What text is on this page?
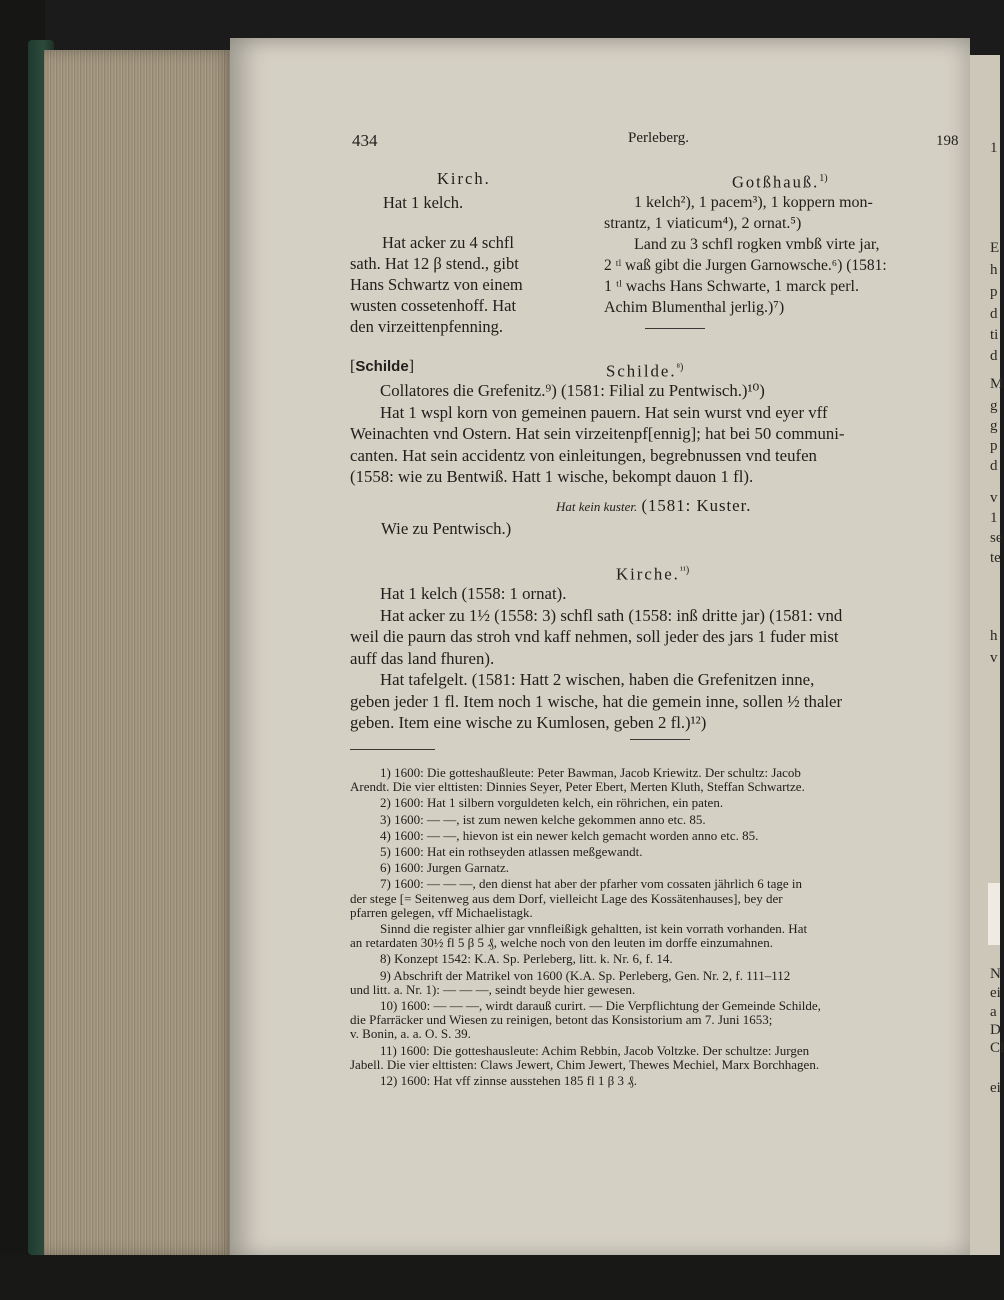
434	Perleberg.	198
Kirch.
Hat 1 kelch.
Hat acker zu 4 schfl
sath. Hat 12 β stend., gibt
Hans Schwartz von einem
wusten cossetenhoff. Hat
den virzeittenpfenning.
Gotßhauß.$^{1)}$
1 kelch²), 1 pacem³), 1 koppern mon-
strantz, 1 viaticum⁴), 2 ornat.⁵)
Land zu 3 schfl rogken vmbß virte jar,
2 ᵗˡ waß gibt die Jurgen Garnowsche.⁶) (1581:
1 ᵗˡ wachs Hans Schwarte, 1 marck perl.
Achim Blumenthal jerlig.)⁷)
[Schilde]	Schilde.$^{^8)}$
Collatores die Grefenitz.⁹) (1581: Filial zu Pentwisch.)¹⁰)
Hat 1 wspl korn von gemeinen pauern. Hat sein wurst vnd eyer vff
Weinachten vnd Ostern. Hat sein virzeitenpf[ennig]; hat bei 50 communi-
canten. Hat sein accidentz von einleitungen, begrebnussen vnd teufen
(1558: wie zu Bentwiß. Hatt 1 wische, bekompt dauon 1 fl).
Hat kein kuster. (1581: Kuster.
Wie zu Pentwisch.)
Kirche.$^{^{11})}$
Hat 1 kelch (1558: 1 ornat).
Hat acker zu 1½ (1558: 3) schfl sath (1558: inß dritte jar) (1581: vnd
weil die paurn das stroh vnd kaff nehmen, soll jeder des jars 1 fuder mist
auff das land fhuren).
Hat tafelgelt. (1581: Hatt 2 wischen, haben die Grefenitzen inne,
geben jeder 1 fl. Item noch 1 wische, hat die gemein inne, sollen ½ thaler
geben. Item eine wische zu Kumlosen, geben 2 fl.)¹²)
1) 1600: Die gotteshaußleute: Peter Bawman, Jacob Kriewitz. Der schultz: Jacob
Arendt. Die vier elttisten: Dinnies Seyer, Peter Ebert, Merten Kluth, Steffan Schwartze.
2) 1600: Hat 1 silbern vorguldeten kelch, ein röhrichen, ein paten.
3) 1600: — —, ist zum newen kelche gekommen anno etc. 85.
4) 1600: — —, hievon ist ein newer kelch gemacht worden anno etc. 85.
5) 1600: Hat ein rothseyden atlassen meßgewandt.
6) 1600: Jurgen Garnatz.
7) 1600: — — —, den dienst hat aber der pfarher vom cossaten jährlich 6 tage in
der stege [= Seitenweg aus dem Dorf, vielleicht Lage des Kossätenhauses], bey der
pfarren gelegen, vff Michaelistagk.
Sinnd die register alhier gar vnnfleißigk gehaltten, ist kein vorrath vorhanden. Hat
an retardaten 30½ fl 5 β 5 ₰, welche noch von den leuten im dorffe einzumahnen.
8) Konzept 1542: K.A. Sp. Perleberg, litt. k. Nr. 6, f. 14.
9) Abschrift der Matrikel von 1600 (K.A. Sp. Perleberg, Gen. Nr. 2, f. 111–112
und litt. a. Nr. 1): — — —, seindt beyde hier gewesen.
10) 1600: — — —, wirdt darauß curirt. — Die Verpflichtung der Gemeinde Schilde,
die Pfarräcker und Wiesen zu reinigen, betont das Konsistorium am 7. Juni 1653;
v. Bonin, a. a. O. S. 39.
11) 1600: Die gotteshausleute: Achim Rebbin, Jacob Voltzke. Der schultze: Jurgen
Jabell. Die vier elttisten: Claws Jewert, Chim Jewert, Thewes Mechiel, Marx Borchhagen.
12) 1600: Hat vff zinnse ausstehen 185 fl 1 β 3 ₰.
1
E
h
p
d
ti
d
M
g
g
p
d
v
1
se
te
h
v
N
ei
a
D
Cl
ei
